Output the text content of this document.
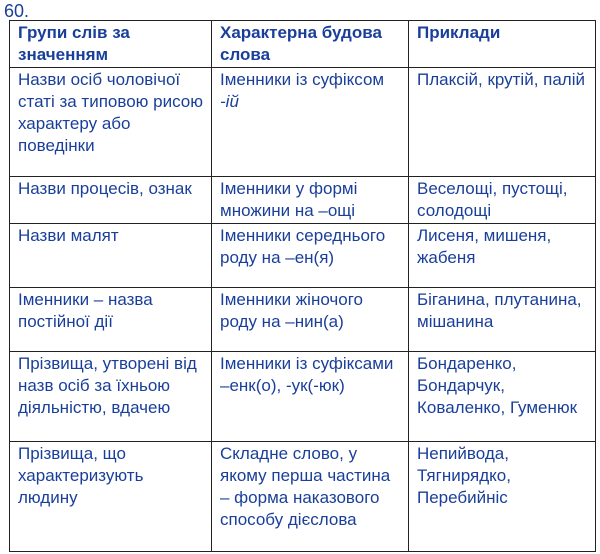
60.
Групи слів за значенням	Характерна будова слова	Приклади
Назви осіб чоловічої статі за типовою рисою характеру або поведінки	Іменники із суфіксом -ій	Плаксій, крутій, палій
Назви процесів, ознак	Іменники у формі множини на –ощі	Веселощі, пустощі, солодощі
Назви малят	Іменники середнього роду на –ен(я)	Лисеня, мишеня, жабеня
Іменники – назва постійної дії	Іменники жіночого роду на –нин(а)	Біганина, плутанина, мішанина
Прізвища, утворені від назв осіб за їхньою діяльністю, вдачею	Іменники із суфіксами –енк(о), -ук(-юк)	Бондаренко, Бондарчук, Коваленко, Гуменюк
Прізвища, що характеризують людину	Складне слово, у якому перша частина – форма наказового способу дієслова	Непийвода, Тягнирядко, Перебийніс
